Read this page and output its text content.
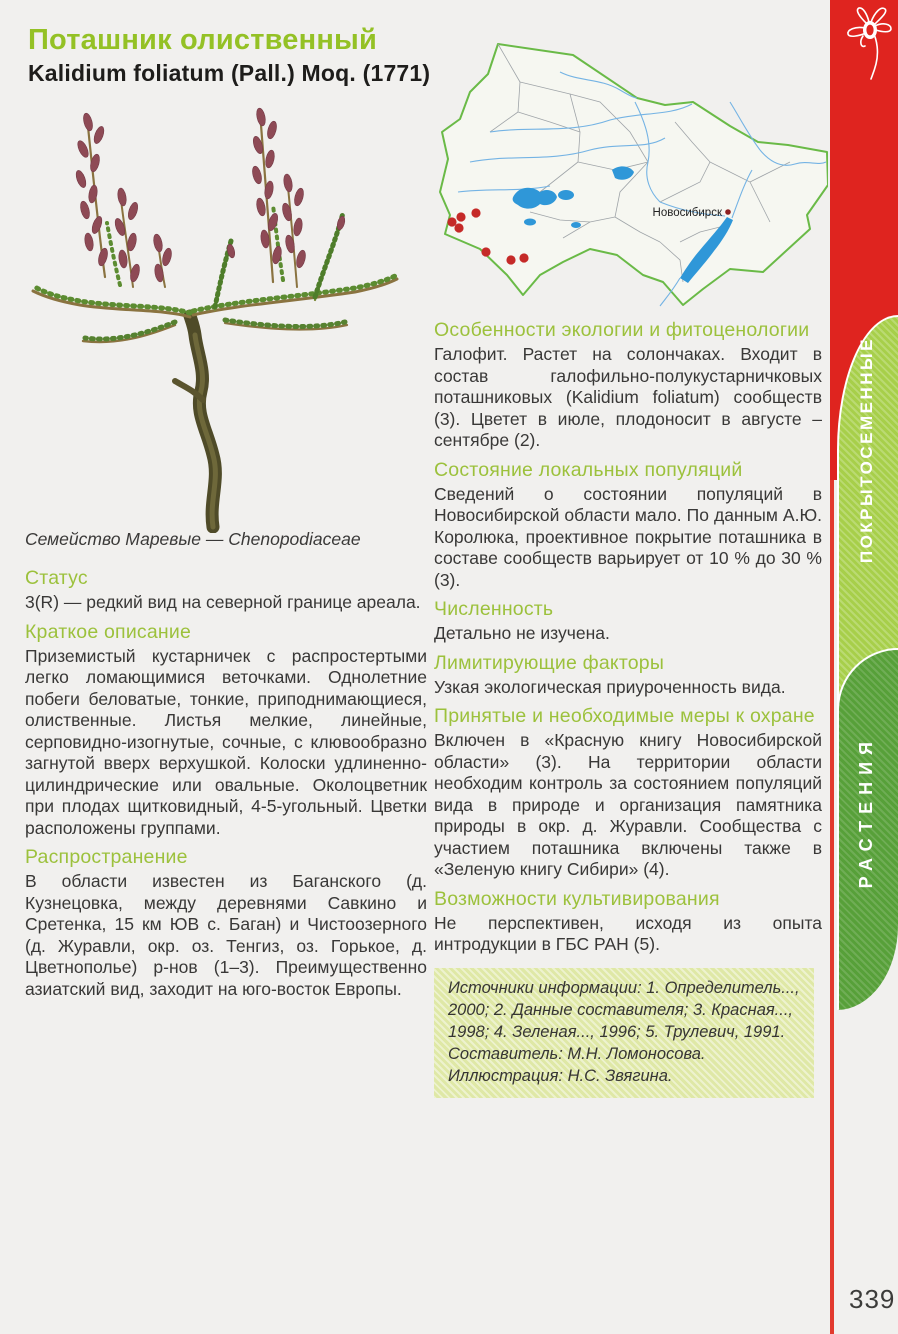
Поташник олиственный
Kalidium foliatum (Pall.) Moq. (1771)
Семейство Маревые — Chenopodiaceae
Статус

3(R) — редкий вид на северной границе ареала.

Краткое описание

Приземистый кустарничек с распростертыми легко ломающимися веточками. Однолетние побеги беловатые, тонкие, приподнимающиеся, олиственные. Листья мелкие, линейные, серповидно-изогнутые, сочные, с клювообразно загнутой вверх верхушкой. Колоски удлиненно-цилиндрические или овальные. Околоцветник при плодах щитковидный, 4-5-угольный. Цветки расположены группами.

Распространение

В области известен из Баганского (д. Кузнецовка, между деревнями Савкино и Сретенка, 15 км ЮВ с. Баган) и Чистоозерного (д. Журавли, окр. оз. Тенгиз, оз. Горькое, д. Цветнополье) р-нов (1–3). Преимущественно азиатский вид, заходит на юго-восток Европы.

Новосибирск
Особенности экологии и фитоценологии

Галофит. Растет на солончаках. Входит в состав галофильно-полукустарничковых поташниковых (Kalidium foliatum) сообществ (3). Цветет в июле, плодоносит в августе – сентябре (2).

Состояние локальных популяций

Сведений о состоянии популяций в Новосибирской области мало. По данным А.Ю. Королюка, проективное покрытие поташника в составе сообществ варьирует от 10 % до 30 % (3).

Численность

Детально не изучена.

Лимитирующие факторы

Узкая экологическая приуроченность вида.

Принятые и необходимые меры к охране

Включен в «Красную книгу Новосибирской области» (3). На территории области необходим контроль за состоянием популяций вида в природе и организация памятника природы в окр. д. Журавли. Сообщества с участием поташника включены также в «Зеленую книгу Сибири» (4).

Возможности культивирования

Не перспективен, исходя из опыта интродукции в ГБС РАН (5).

Источники информации: 1. Определитель..., 2000; 2. Данные составителя; 3. Красная..., 1998; 4. Зеленая..., 1996; 5. Трулевич, 1991.
Составитель: М.Н. Ломоносова.
Иллюстрация: Н.С. Звягина.
ПОКРЫТОСЕМЕННЫЕ
РАСТЕНИЯ
339
